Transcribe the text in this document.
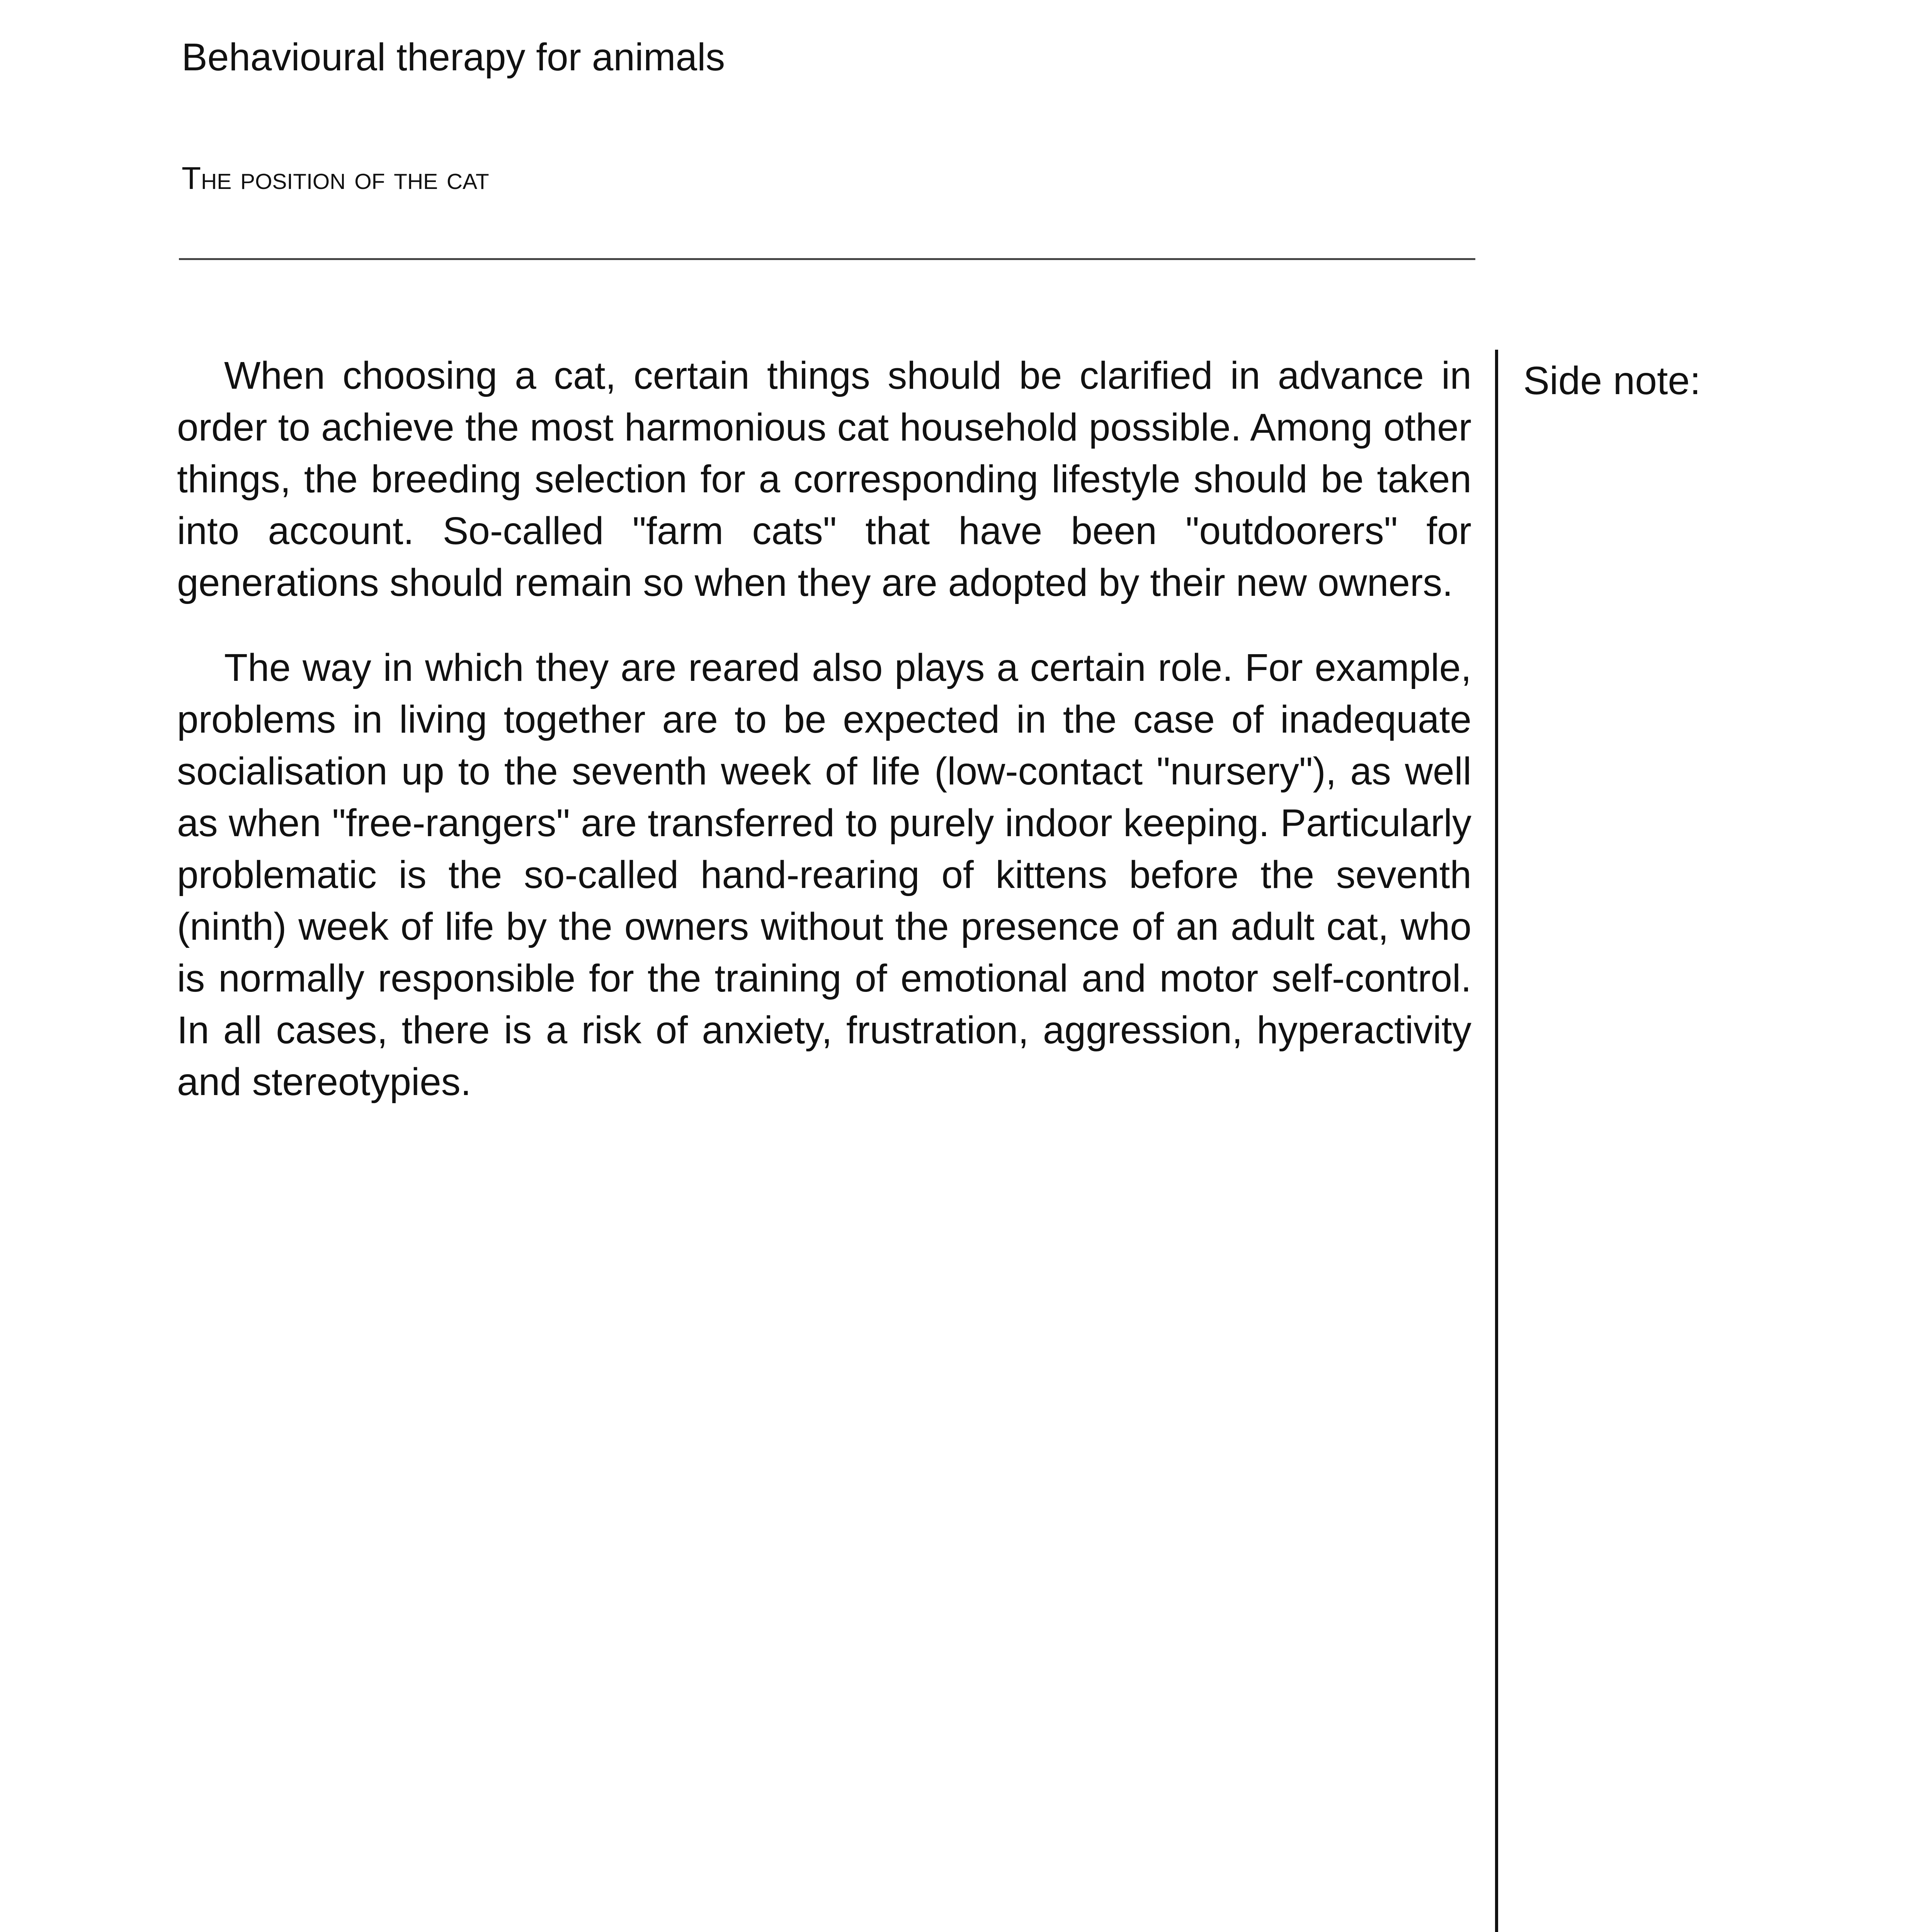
Behavioural therapy for animals
The position of the cat

When choosing a cat, certain things should be clarified in advance in order to achieve the most harmonious cat household possible. Among other things, the breeding selection for a corresponding lifestyle should be taken into account. So-called "farm cats" that have been "outdoorers" for generations should remain so when they are adopted by their new owners.

The way in which they are reared also plays a certain role. For example, problems in living together are to be expected in the case of inadequate socialisation up to the seventh week of life (low-contact "nursery"), as well as when "free-rangers" are transferred to purely indoor keeping. Particularly problematic is the so-called hand-rearing of kittens before the seventh (ninth) week of life by the owners without the presence of an adult cat, who is normally responsible for the training of emotional and motor self-control. In all cases, there is a risk of anxiety, frustration, aggression, hyperactivity and stereotypies.

Side note:
